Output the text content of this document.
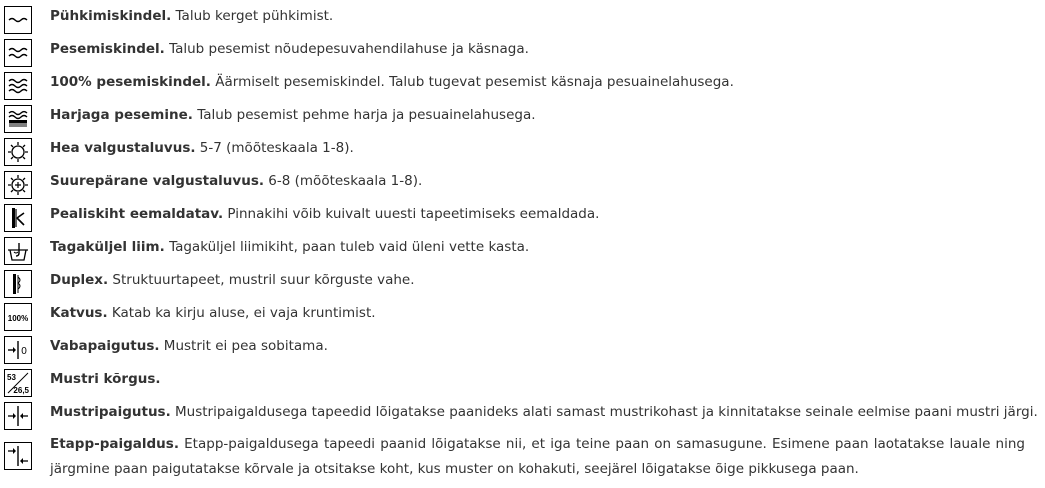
Pühkimiskindel. Talub kerget pühkimist.
Pesemiskindel. Talub pesemist nõudepesuvahendilahuse ja käsnaga.
100% pesemiskindel. Äärmiselt pesemiskindel. Talub tugevat pesemist käsnaja pesuainelahusega.
Harjaga pesemine. Talub pesemist pehme harja ja pesuainelahusega.
Hea valgustaluvus. 5-7 (mõõteskaala 1-8).
Suurepärane valgustaluvus. 6-8 (mõõteskaala 1-8).
Pealiskiht eemaldatav. Pinnakihi võib kuivalt uuesti tapeetimiseks eemaldada.
Tagaküljel liim. Tagaküljel liimikiht, paan tuleb vaid üleni vette kasta.
Duplex. Struktuurtapeet, mustril suur kõrguste vahe.
100% Katvus. Katab ka kirju aluse, ei vaja kruntimist.
0 Vabapaigutus. Mustrit ei pea sobitama.
53
26,5
Mustri kõrgus.
Mustripaigutus. Mustripaigaldusega tapeedid lõigatakse paanideks alati samast mustrikohast ja kinnitatakse seinale eelmise paani mustri järgi.
Etapp-paigaldus. Etapp-paigaldusega tapeedi paanid lõigatakse nii, et iga teine paan on samasugune. Esimene paan laotatakse lauale ning järgmine paan paigutatakse kõrvale ja otsitakse koht, kus muster on kohakuti, seejärel lõigatakse õige pikkusega paan.
